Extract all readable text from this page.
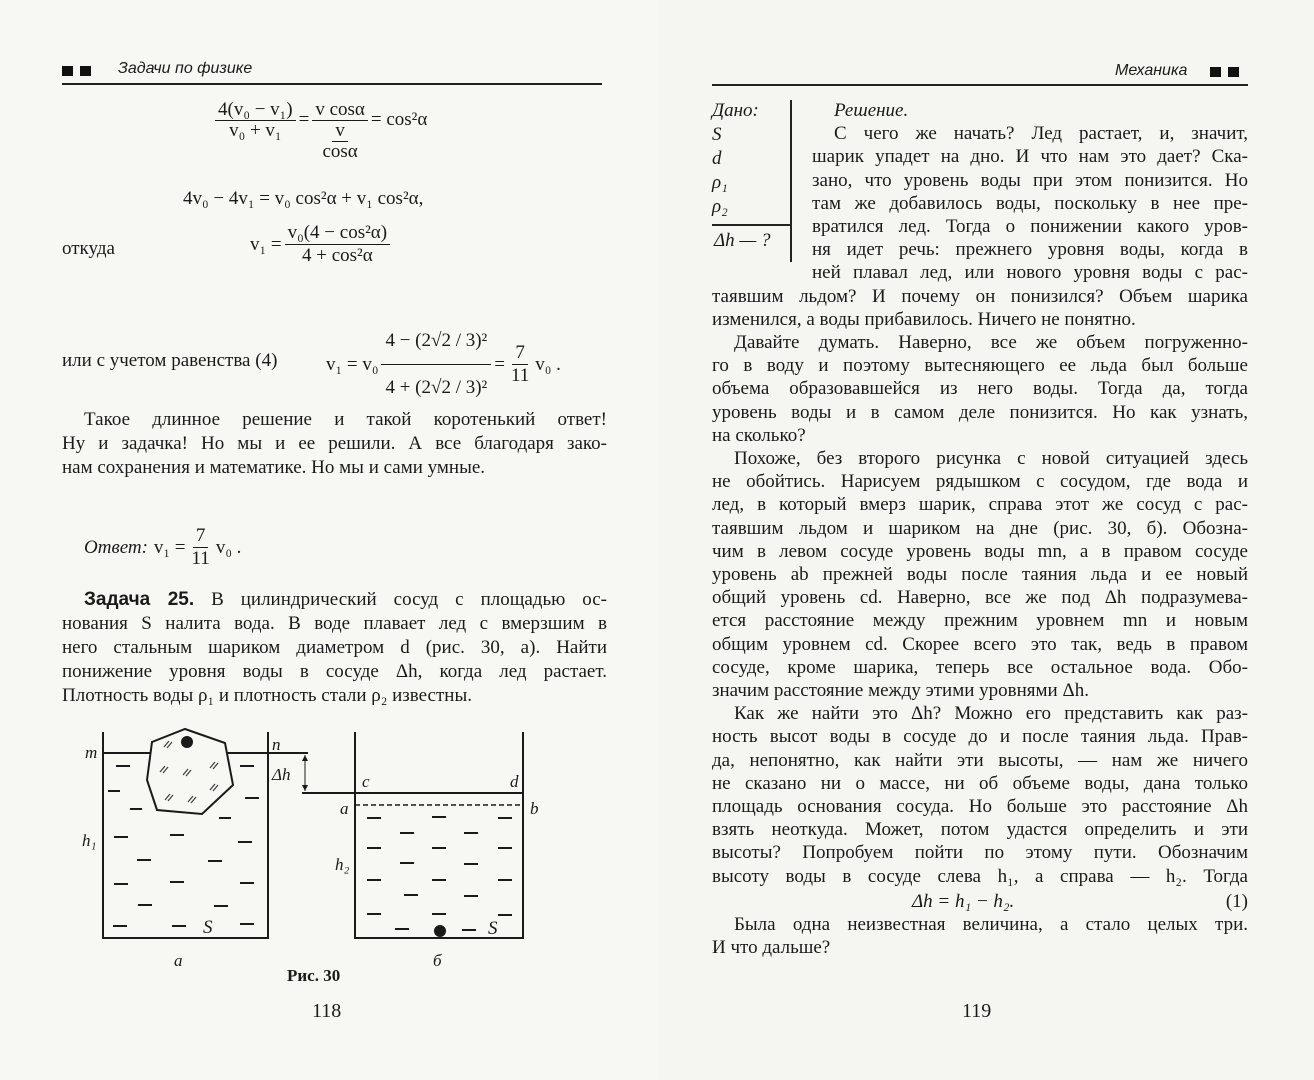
Задачи по физике
$\frac{\text{4(v₀ − v₁)}}{\text{v₀ + v₁}} = \frac{\text{v cosα}}{\frac{v}{\cos\alpha}} = \cos^2\alpha$
4v₀ − 4v₁ = v₀ cos²α + v₁ cos²α,
откуда	$v_1 = \frac{\text{v₀(4 − cos²α)}}{\text{4 + cos²α}}$
или с учетом равенства (4)	$v_1 = v_0 \frac{\text{4 − (2√2 / 3)²}}{\text{4 + (2√2 / 3)²}} = \frac{7}{11} v_0$ .
Такое длинное решение и такой коротенький ответ!
Ну и задачка! Но мы и ее решили. А все благодаря зако-
нам сохранения и математике. Но мы и сами умные.
Ответ: $v_1 = \frac{7}{11} v_0$ .
Задача 25. В цилиндрический сосуд с площадью ос-
нования S налита вода. В воде плавает лед с вмерзшим в
него стальным шариком диаметром d (рис. 30, а). Найти
понижение уровня воды в сосуде Δh, когда лед растает.
Плотность воды ρ₁ и плотность стали ρ₂ известны.
m	n
Δh	c	d
a	b
h₁
h₂
S	S
а	б
Рис. 30
118
Механика
Дано:
S
d
ρ₁
ρ₂
Δh — ?
Решение.
С чего же начать? Лед растает, и, значит,
шарик упадет на дно. И что нам это дает? Ска-
зано, что уровень воды при этом понизится. Но
там же добавилось воды, поскольку в нее пре-
вратился лед. Тогда о понижении какого уров-
ня идет речь: прежнего уровня воды, когда в
ней плавал лед, или нового уровня воды с рас-
таявшим льдом? И почему он понизился? Объем шарика
изменился, а воды прибавилось. Ничего не понятно.
Давайте думать. Наверно, все же объем погруженно-
го в воду и поэтому вытесняющего ее льда был больше
объема образовавшейся из него воды. Тогда да, тогда
уровень воды и в самом деле понизится. Но как узнать,
на сколько?
Похоже, без второго рисунка с новой ситуацией здесь
не обойтись. Нарисуем рядышком с сосудом, где вода и
лед, в который вмерз шарик, справа этот же сосуд с рас-
таявшим льдом и шариком на дне (рис. 30, б). Обозна-
чим в левом сосуде уровень воды mn, а в правом сосуде
уровень ab прежней воды после таяния льда и ее новый
общий уровень cd. Наверно, все же под Δh подразумева-
ется расстояние между прежним уровнем mn и новым
общим уровнем cd. Скорее всего это так, ведь в правом
сосуде, кроме шарика, теперь все остальное вода. Обо-
значим расстояние между этими уровнями Δh.
Как же найти это Δh? Можно его представить как раз-
ность высот воды в сосуде до и после таяния льда. Прав-
да, непонятно, как найти эти высоты, — нам же ничего
не сказано ни о массе, ни об объеме воды, дана только
площадь основания сосуда. Но больше это расстояние Δh
взять неоткуда. Может, потом удастся определить и эти
высоты? Попробуем пойти по этому пути. Обозначим
высоту воды в сосуде слева h₁, а справа — h₂. Тогда
Δh = h₁ − h₂.	(1)
Была одна неизвестная величина, а стало целых три.
И что дальше?
119
